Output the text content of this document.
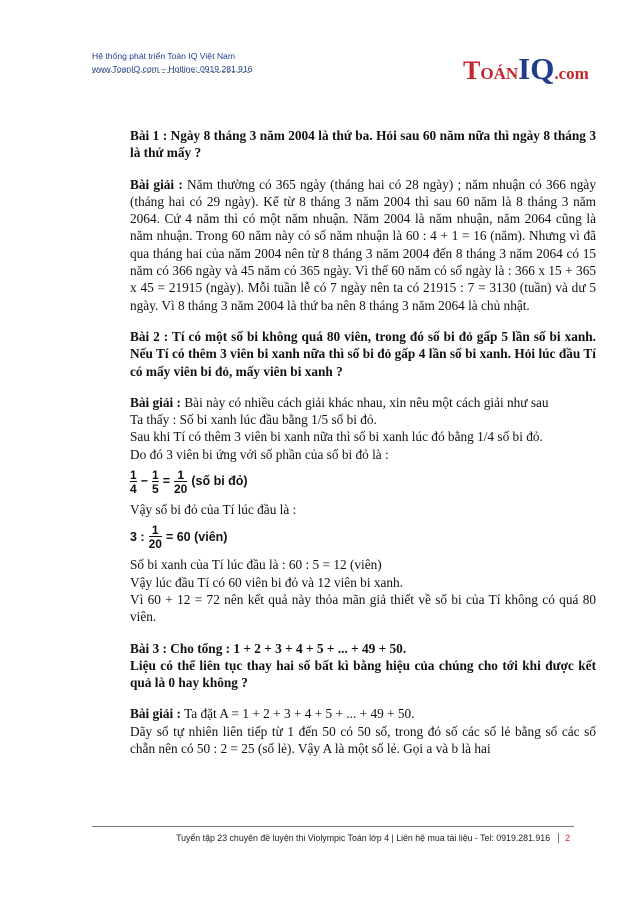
Hệ thống phát triển Toán IQ Việt Nam
www.ToanIQ.com – Hotline: 0919.281.916	TOÁNIQ.com

Bài 1 : Ngày 8 tháng 3 năm 2004 là thứ ba. Hỏi sau 60 năm nữa thì ngày 8 tháng 3 là thứ mấy ?

Bài giải : Năm thường có 365 ngày (tháng hai có 28 ngày) ; năm nhuận có 366 ngày (tháng hai có 29 ngày). Kể từ 8 tháng 3 năm 2004 thì sau 60 năm là 8 tháng 3 năm 2064. Cứ 4 năm thì có một năm nhuận. Năm 2004 là năm nhuận, năm 2064 cũng là năm nhuận. Trong 60 năm này có số năm nhuận là 60 : 4 + 1 = 16 (năm). Nhưng vì đã qua tháng hai của năm 2004 nên từ 8 tháng 3 năm 2004 đến 8 tháng 3 năm 2064 có 15 năm có 366 ngày và 45 năm có 365 ngày. Vì thế 60 năm có số ngày là : 366 x 15 + 365 x 45 = 21915 (ngày). Mỗi tuần lễ có 7 ngày nên ta có 21915 : 7 = 3130 (tuần) và dư 5 ngày. Vì 8 tháng 3 năm 2004 là thứ ba nên 8 tháng 3 năm 2064 là chủ nhật.

Bài 2 : Tí có một số bi không quá 80 viên, trong đó số bi đỏ gấp 5 lần số bi xanh. Nếu Tí có thêm 3 viên bi xanh nữa thì số bi đỏ gấp 4 lần số bi xanh. Hỏi lúc đầu Tí có mấy viên bi đỏ, mấy viên bi xanh ?

Bài giải : Bài này có nhiều cách giải khác nhau, xin nêu một cách giải như sau

Ta thấy : Số bi xanh lúc đầu bằng 1/5 số bi đỏ.

Sau khi Tí có thêm 3 viên bi xanh nữa thì số bi xanh lúc đó bằng 1/4 số bi đỏ.

Do đó 3 viên bi ứng với số phần của số bi đỏ là :

$\frac{1}{4} - \frac{1}{5} = \frac{1}{20}$ (số bi đỏ)

Vậy số bi đỏ của Tí lúc đầu là :

3 : $\frac{1}{20} = 60$ (viên)

Số bi xanh của Tí lúc đầu là : 60 : 5 = 12 (viên)

Vậy lúc đầu Tí có 60 viên bi đỏ và 12 viên bi xanh.

Vì 60 + 12 = 72 nên kết quả này thỏa mãn giả thiết về số bi của Tí không có quá 80 viên.

Bài 3 : Cho tổng : 1 + 2 + 3 + 4 + 5 + ... + 49 + 50.

Liệu có thể liên tục thay hai số bất kì bằng hiệu của chúng cho tới khi được kết quả là 0 hay không ?

Bài giải : Ta đặt A = 1 + 2 + 3 + 4 + 5 + ... + 49 + 50.

Dãy số tự nhiên liên tiếp từ 1 đến 50 có 50 số, trong đó số các số lẻ bằng số các số chẵn nên có 50 : 2 = 25 (số lẻ). Vậy A là một số lẻ. Gọi a và b là hai

Tuyển tập 23 chuyên đề luyện thi Violympic Toán lớp 4 | Liên hệ mua tài liệu - Tel: 0919.281.916 2
